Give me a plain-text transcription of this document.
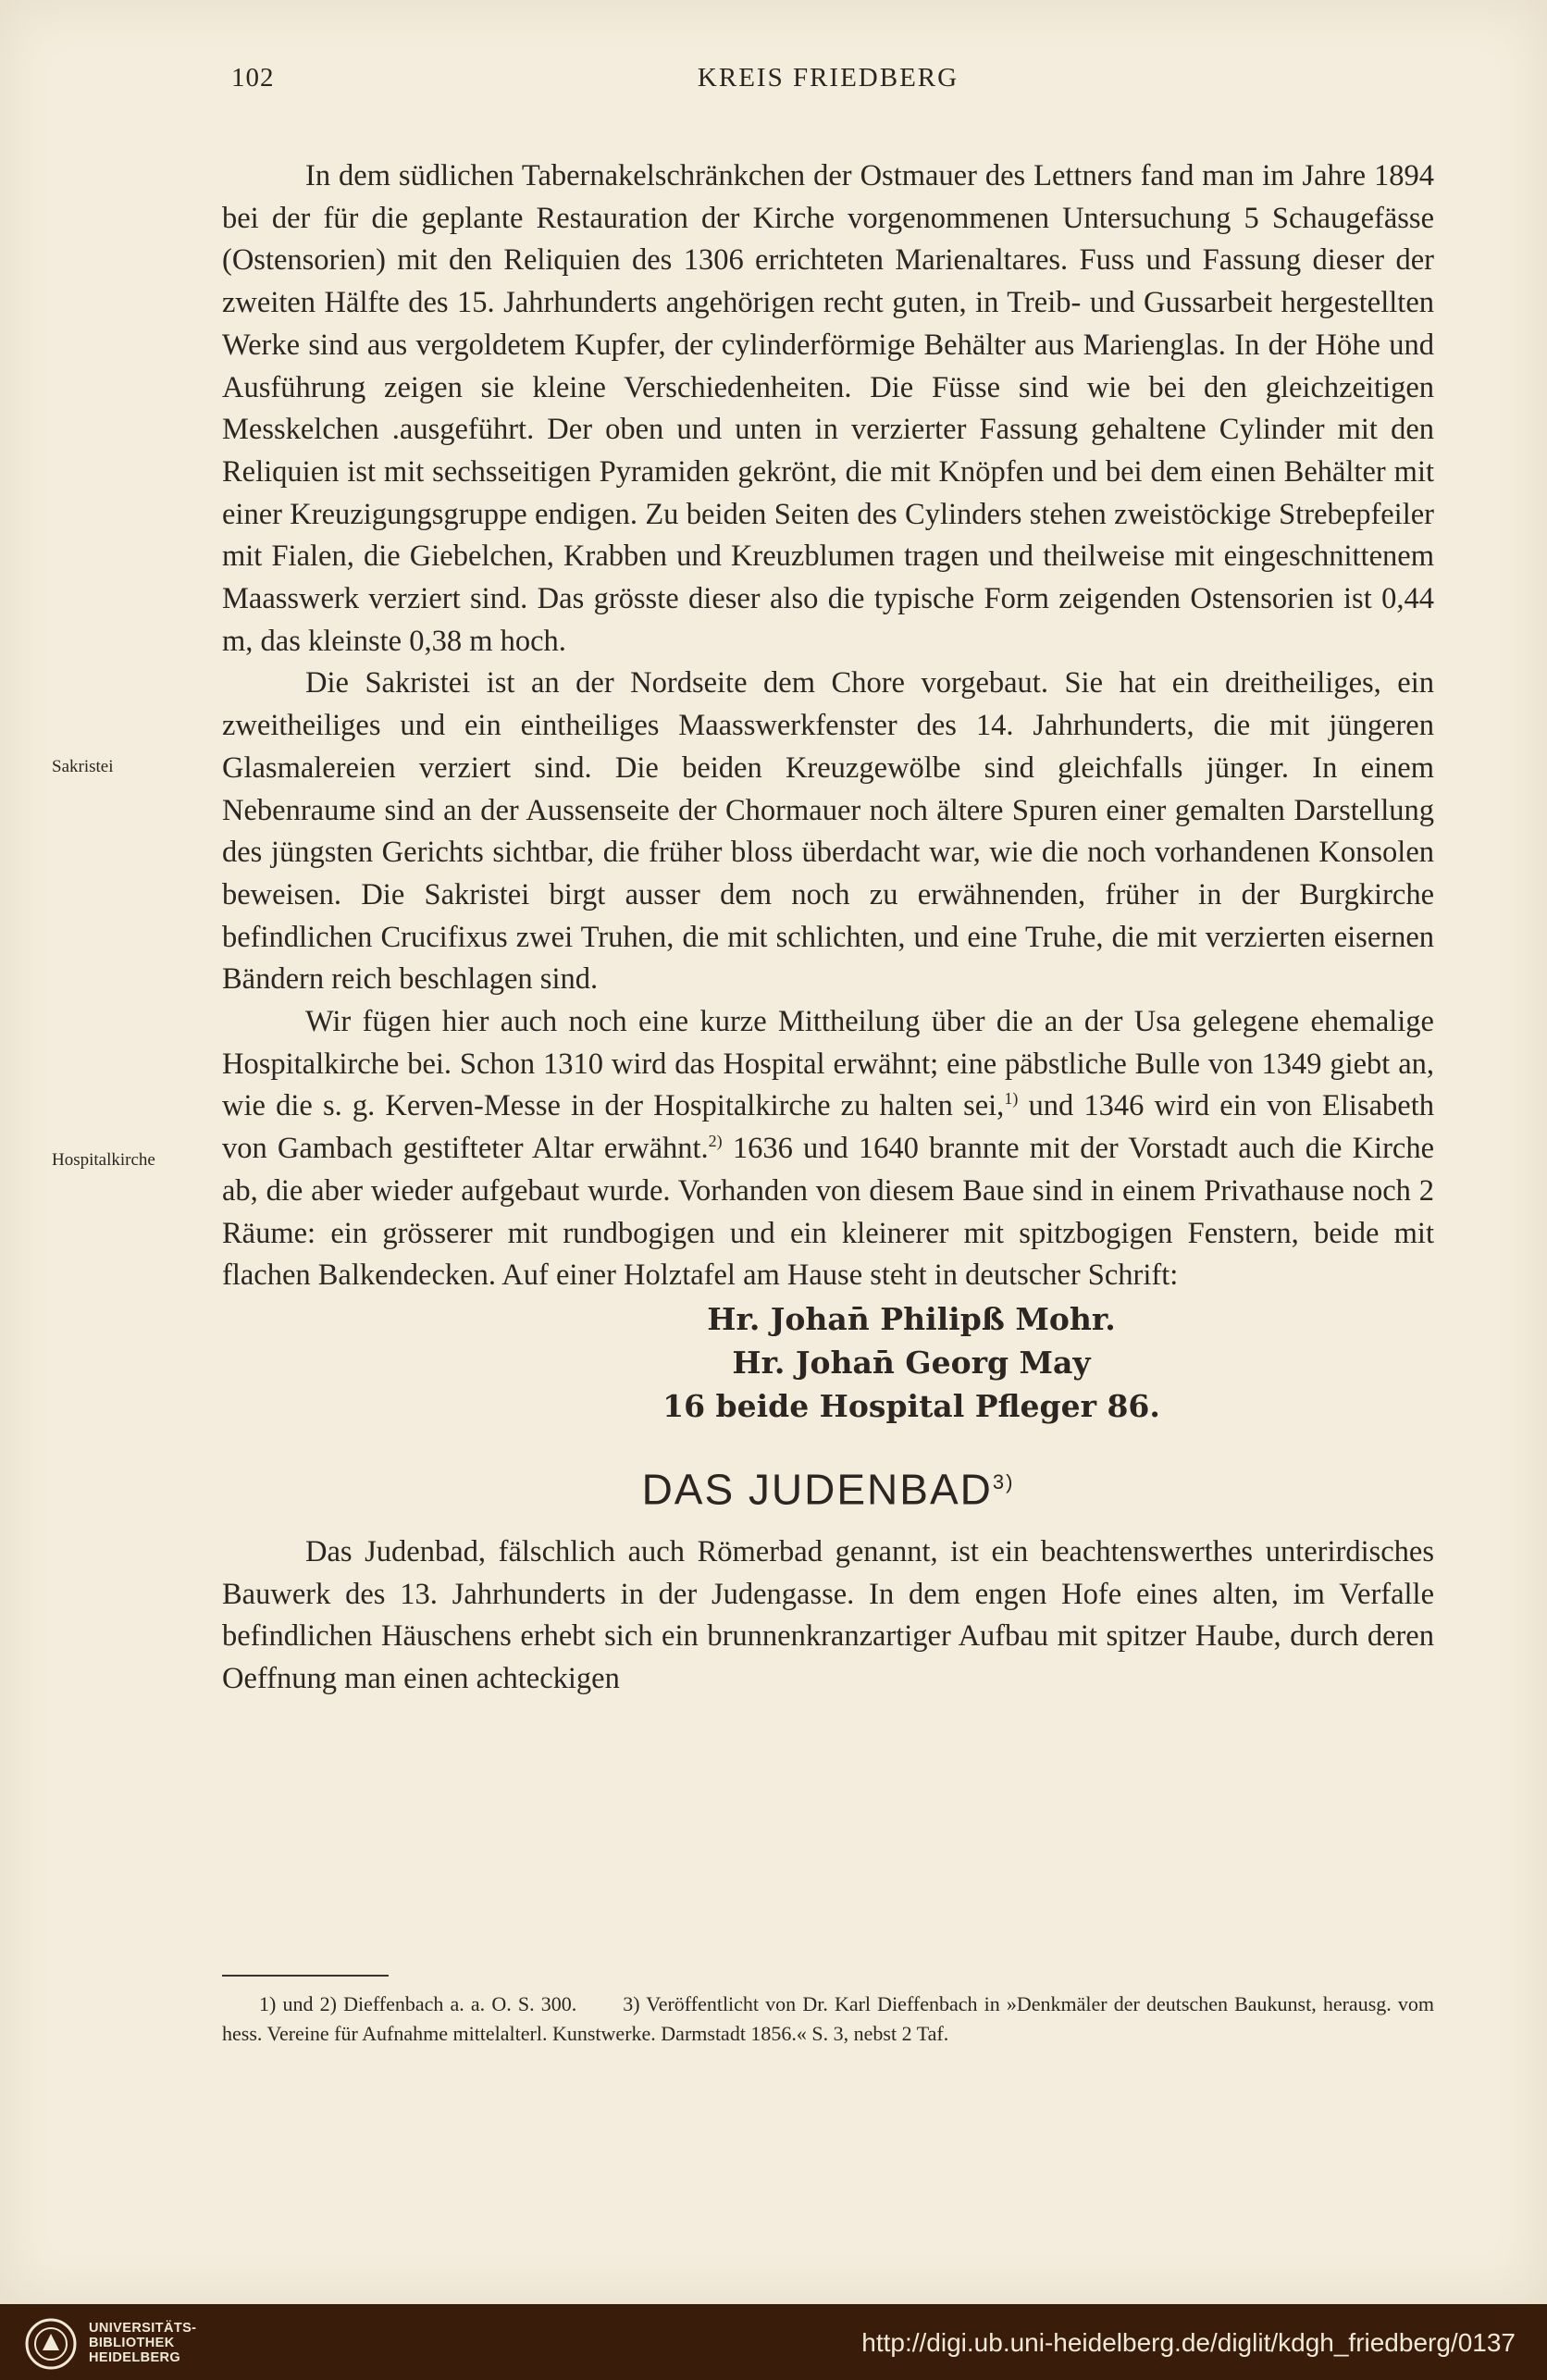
102	KREIS FRIEDBERG
Sakristei
Hospitalkirche

In dem südlichen Tabernakelschränkchen der Ostmauer des Lettners fand man im Jahre 1894 bei der für die geplante Restauration der Kirche vorgenommenen Untersuchung 5 Schaugefässe (Ostensorien) mit den Reliquien des 1306 errichteten Marienaltares. Fuss und Fassung dieser der zweiten Hälfte des 15. Jahrhunderts angehörigen recht guten, in Treib- und Gussarbeit hergestellten Werke sind aus vergoldetem Kupfer, der cylinderförmige Behälter aus Marienglas. In der Höhe und Ausführung zeigen sie kleine Verschiedenheiten. Die Füsse sind wie bei den gleichzeitigen Messkelchen .ausgeführt. Der oben und unten in verzierter Fassung gehaltene Cylinder mit den Reliquien ist mit sechsseitigen Pyramiden gekrönt, die mit Knöpfen und bei dem einen Behälter mit einer Kreuzigungsgruppe endigen. Zu beiden Seiten des Cylinders stehen zweistöckige Strebepfeiler mit Fialen, die Giebelchen, Krabben und Kreuzblumen tragen und theilweise mit eingeschnittenem Maasswerk verziert sind. Das grösste dieser also die typische Form zeigenden Ostensorien ist 0,44 m, das kleinste 0,38 m hoch.

Die Sakristei ist an der Nordseite dem Chore vorgebaut. Sie hat ein dreitheiliges, ein zweitheiliges und ein eintheiliges Maasswerkfenster des 14. Jahrhunderts, die mit jüngeren Glasmalereien verziert sind. Die beiden Kreuzgewölbe sind gleichfalls jünger. In einem Nebenraume sind an der Aussenseite der Chormauer noch ältere Spuren einer gemalten Darstellung des jüngsten Gerichts sichtbar, die früher bloss überdacht war, wie die noch vorhandenen Konsolen beweisen. Die Sakristei birgt ausser dem noch zu erwähnenden, früher in der Burgkirche befindlichen Crucifixus zwei Truhen, die mit schlichten, und eine Truhe, die mit verzierten eisernen Bändern reich beschlagen sind.

Wir fügen hier auch noch eine kurze Mittheilung über die an der Usa gelegene ehemalige Hospitalkirche bei. Schon 1310 wird das Hospital erwähnt; eine päbstliche Bulle von 1349 giebt an, wie die s. g. Kerven-Messe in der Hospitalkirche zu halten sei,$^{1)}$ und 1346 wird ein von Elisabeth von Gambach gestifteter Altar erwähnt.$^{2)}$ 1636 und 1640 brannte mit der Vorstadt auch die Kirche ab, die aber wieder aufgebaut wurde. Vorhanden von diesem Baue sind in einem Privathause noch 2 Räume: ein grösserer mit rundbogigen und ein kleinerer mit spitzbogigen Fenstern, beide mit flachen Balkendecken. Auf einer Holztafel am Hause steht in deutscher Schrift:

Hr. Johan̄ Philipß Mohr.
Hr. Johan̄ Georg May
16 beide Hospital Pfleger 86.
DAS JUDENBAD$^{3)}$

Das Judenbad, fälschlich auch Römerbad genannt, ist ein beachtenswerthes unterirdisches Bauwerk des 13. Jahrhunderts in der Judengasse. In dem engen Hofe eines alten, im Verfalle befindlichen Häuschens erhebt sich ein brunnenkranzartiger Aufbau mit spitzer Haube, durch deren Oeffnung man einen achteckigen

1) und 2) Dieffenbach a. a. O. S. 300. 3) Veröffentlicht von Dr. Karl Dieffenbach in »Denkmäler der deutschen Baukunst, herausg. vom hess. Vereine für Aufnahme mittelalterl. Kunstwerke. Darmstadt 1856.« S. 3, nebst 2 Taf.
UNIVERSITÄTS-
BIBLIOTHEK
HEIDELBERG
http://digi.ub.uni-heidelberg.de/diglit/kdgh_friedberg/0137
